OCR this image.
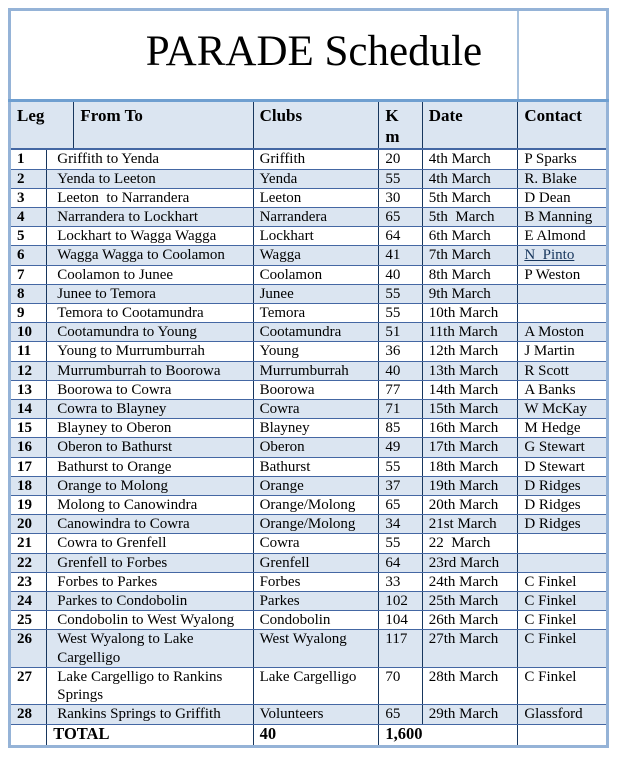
PARADE Schedule					

Leg		From To	Clubs	Km	Date	Contact
1	Griffith to Yenda		Griffith	20	4th March	P Sparks
2	Yenda to Leeton		Yenda	55	4th March	R. Blake
3	Leeton  to Narrandera		Leeton	30	5th March	D Dean
4	Narrandera to Lockhart		Narrandera	65	5th  March	B Manning
5	Lockhart to Wagga Wagga		Lockhart	64	6th March	E Almond
6	Wagga Wagga to Coolamon		Wagga	41	7th March	N  Pinto
7	Coolamon to Junee		Coolamon	40	8th March	P Weston
8	Junee to Temora		Junee	55	9th March	
9	Temora to Cootamundra		Temora	55	10th March	
10	Cootamundra to Young		Cootamundra	51	11th March	A Moston
11	Young to Murrumburrah		Young	36	12th March	J Martin
12	Murrumburrah to Boorowa		Murrumburrah	40	13th March	R Scott
13	Boorowa to Cowra		Boorowa	77	14th March	A Banks
14	Cowra to Blayney		Cowra	71	15th March	W McKay
15	Blayney to Oberon		Blayney	85	16th March	M Hedge
16	Oberon to Bathurst		Oberon	49	17th March	G Stewart
17	Bathurst to Orange		Bathurst	55	18th March	D Stewart
18	Orange to Molong		Orange	37	19th March	D Ridges
19	Molong to Canowindra		Orange/Molong	65	20th March	D Ridges
20	Canowindra to Cowra		Orange/Molong	34	21st March	D Ridges
21	Cowra to Grenfell		Cowra	55	22  March	
22	Grenfell to Forbes		Grenfell	64	23rd March	
23	Forbes to Parkes		Forbes	33	24th March	C Finkel
24	Parkes to Condobolin		Parkes	102	25th March	C Finkel
25	Condobolin to West Wyalong		Condobolin	104	26th March	C Finkel
26	West Wyalong to Lake Cargelligo		West Wyalong	117	27th March	C Finkel
27	Lake Cargelligo to Rankins Springs		Lake Cargelligo	70	28th March	C Finkel
28	Rankins Springs to Griffith		Volunteers	65	29th March	Glassford
	TOTAL		40	1,600		
